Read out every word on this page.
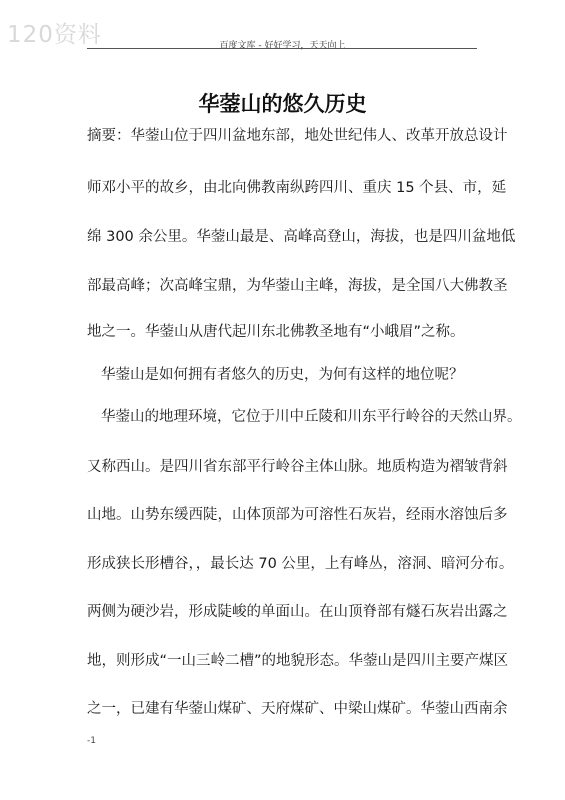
120资料	百度文库 - 好好学习，天天向上
华蓥山的悠久历史
摘要：华蓥山位于四川盆地东部，地处世纪伟人、改革开放总设计
师邓小平的故乡，由北向佛教南纵跨四川、重庆 15 个县、市，延
绵 300 余公里。华蓥山最是、高峰高登山，海拔，也是四川盆地低
部最高峰；次高峰宝鼎，为华蓥山主峰，海拔，是全国八大佛教圣
地之一。华蓥山从唐代起川东北佛教圣地有“小峨眉”之称。
华蓥山是如何拥有者悠久的历史，为何有这样的地位呢？
华蓥山的地理环境，它位于川中丘陵和川东平行岭谷的天然山界。
又称西山。是四川省东部平行岭谷主体山脉。地质构造为褶皱背斜
山地。山势东缓西陡，山体顶部为可溶性石灰岩，经雨水溶蚀后多
形成狭长形槽谷，，最长达 70 公里，上有峰丛，溶洞、暗河分布。
两侧为硬沙岩，形成陡峻的单面山。在山顶脊部有燧石灰岩出露之
地，则形成“一山三岭二槽”的地貌形态。华蓥山是四川主要产煤区
之一，已建有华蓥山煤矿、天府煤矿、中梁山煤矿。华蓥山西南余
-1
